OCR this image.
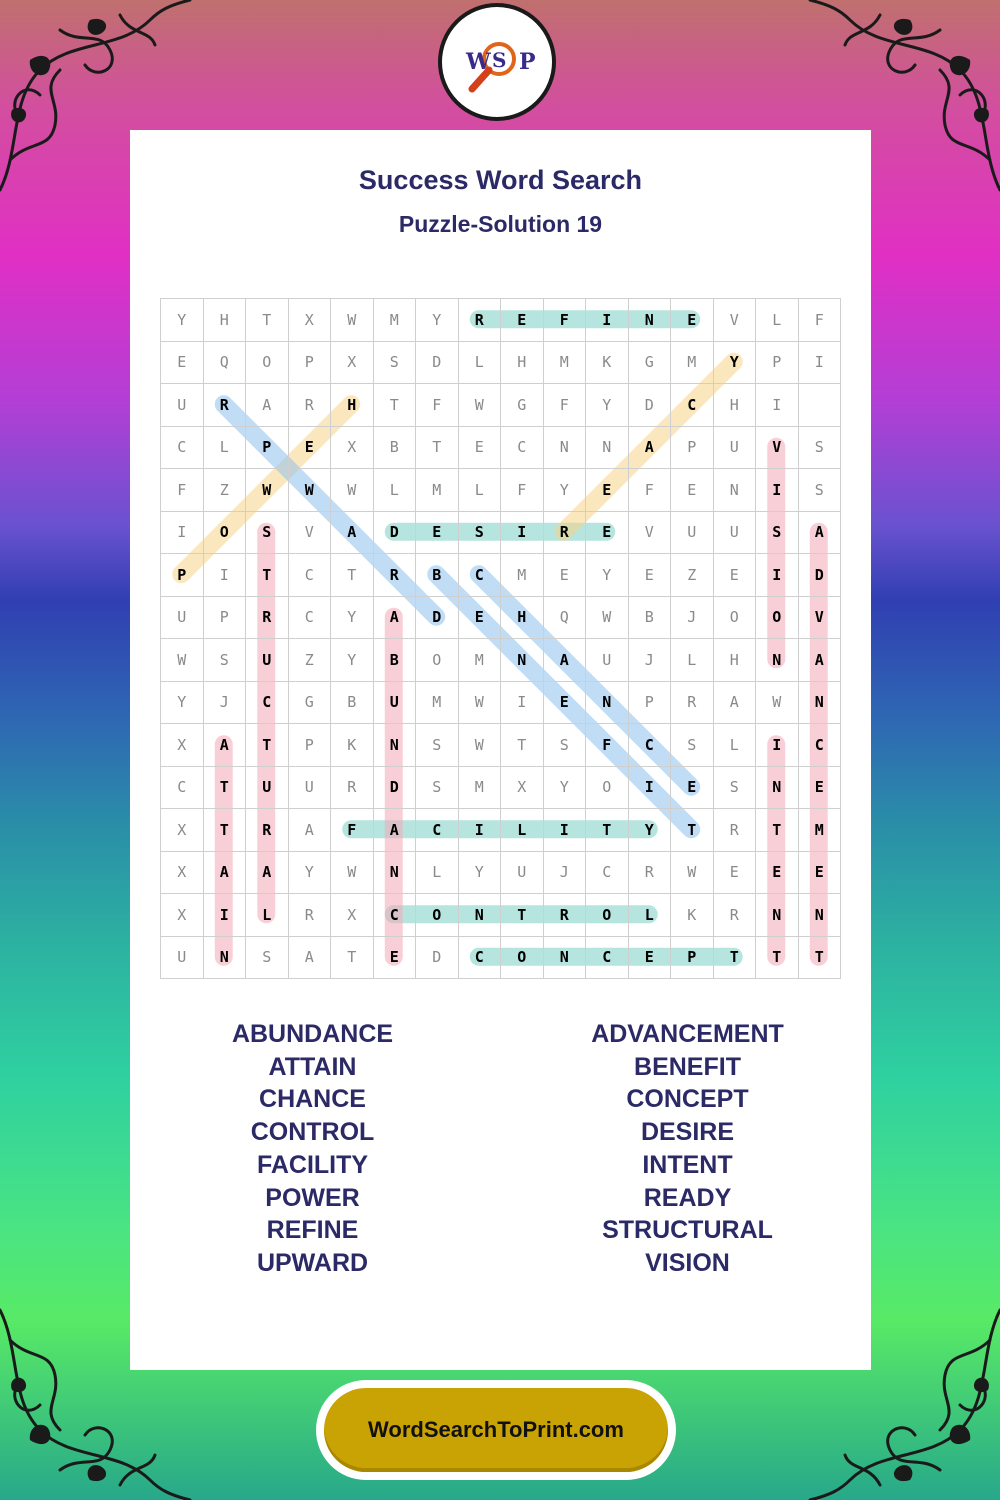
W S P
Success Word Search
Puzzle-Solution 19
Y	H	T	X	W	M	Y	R	E	F	I	N	E	V	L	F
E	Q	O	P	X	S	D	L	H	M	K	G	M	Y	P	I
U	R	A	R	H	T	F	W	G	F	Y	D	C	H	I
C	L	P	E	X	B	T	E	C	N	N	A	P	U	V	S
F	Z	W	W	W	L	M	L	F	Y	E	F	E	N	I	S
I	O	S	V	A	D	E	S	I	R	E	V	U	U	S	A
P	I	T	C	T	R	B	C	M	E	Y	E	Z	E	I	D
U	P	R	C	Y	A	D	E	H	Q	W	B	J	O	O	V
W	S	U	Z	Y	B	O	M	N	A	U	J	L	H	N	A
Y	J	C	G	B	U	M	W	I	E	N	P	R	A	W	N
X	A	T	P	K	N	S	W	T	S	F	C	S	L	I	C
C	T	U	U	R	D	S	M	X	Y	O	I	E	S	N	E
X	T	R	A	F	A	C	I	L	I	T	Y	T	R	T	M
X	A	A	Y	W	N	L	Y	U	J	C	R	W	E	E	E
X	I	L	R	X	C	O	N	T	R	O	L	K	R	N	N
U	N	S	A	T	E	D	C	O	N	C	E	P	T	T	T
ABUNDANCE
ATTAIN
CHANCE
CONTROL
FACILITY
POWER
REFINE
UPWARD
ADVANCEMENT
BENEFIT
CONCEPT
DESIRE
INTENT
READY
STRUCTURAL
VISION
WordSearchToPrint.com
